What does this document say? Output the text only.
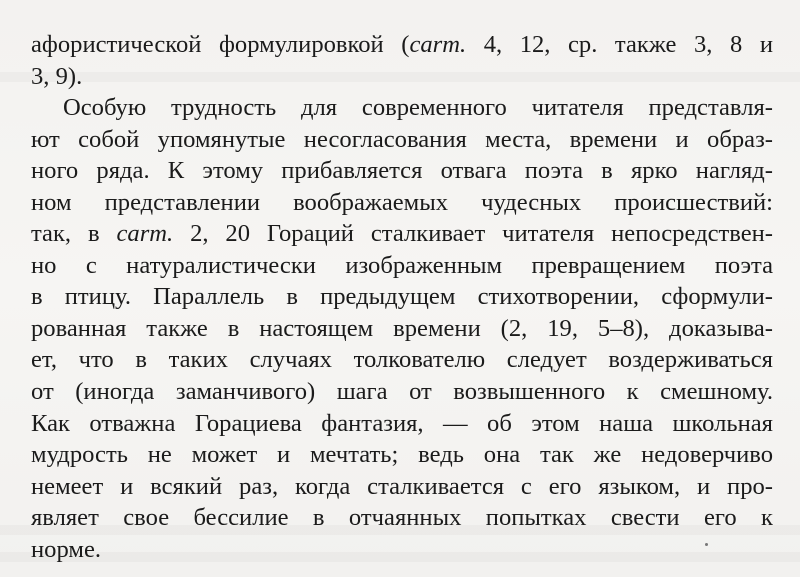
афористической формулировкой (carm. 4, 12, ср. также 3, 8 и
3, 9).
Особую трудность для современного читателя представля-
ют собой упомянутые несогласования места, времени и образ-
ного ряда. К этому прибавляется отвага поэта в ярко нагляд-
ном представлении воображаемых чудесных происшествий:
так, в carm. 2, 20 Гораций сталкивает читателя непосредствен-
но с натуралистически изображенным превращением поэта
в птицу. Параллель в предыдущем стихотворении, сформули-
рованная также в настоящем времени (2, 19, 5–8), доказыва-
ет, что в таких случаях толкователю следует воздерживаться
от (иногда заманчивого) шага от возвышенного к смешному.
Как отважна Горациева фантазия, — об этом наша школьная
мудрость не может и мечтать; ведь она так же недоверчиво
немеет и всякий раз, когда сталкивается с его языком, и про-
являет свое бессилие в отчаянных попытках свести его к
норме.
